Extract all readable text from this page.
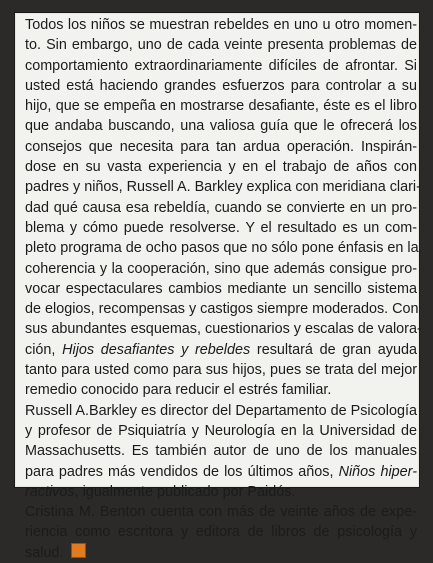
Todos los niños se muestran rebeldes en uno u otro momen-
to. Sin embargo, uno de cada veinte presenta problemas de
comportamiento extraordinariamente difíciles de afrontar. Si
usted está haciendo grandes esfuerzos para controlar a su
hijo, que se empeña en mostrarse desafiante, éste es el libro
que andaba buscando, una valiosa guía que le ofrecerá los
consejos que necesita para tan ardua operación. Inspirán-
dose en su vasta experiencia y en el trabajo de años con
padres y niños, Russell A. Barkley explica con meridiana clari-
dad qué causa esa rebeldía, cuando se convierte en un pro-
blema y cómo puede resolverse. Y el resultado es un com-
pleto programa de ocho pasos que no sólo pone énfasis en la
coherencia y la cooperación, sino que además consigue pro-
vocar espectaculares cambios mediante un sencillo sistema
de elogios, recompensas y castigos siempre moderados. Con
sus abundantes esquemas, cuestionarios y escalas de valora-
ción, Hijos desafiantes y rebeldes resultará de gran ayuda
tanto para usted como para sus hijos, pues se trata del mejor
remedio conocido para reducir el estrés familiar.
Russell A.Barkley es director del Departamento de Psicología
y profesor de Psiquiatría y Neurología en la Universidad de
Massachusetts. Es también autor de uno de los manuales
para padres más vendidos de los últimos años, Niños hiper-
ractivos, igualmente publicado por Paidós.
Cristina M. Benton cuenta con más de veinte años de expe-
riencia como escritora y editora de libros de psicología y
salud.
